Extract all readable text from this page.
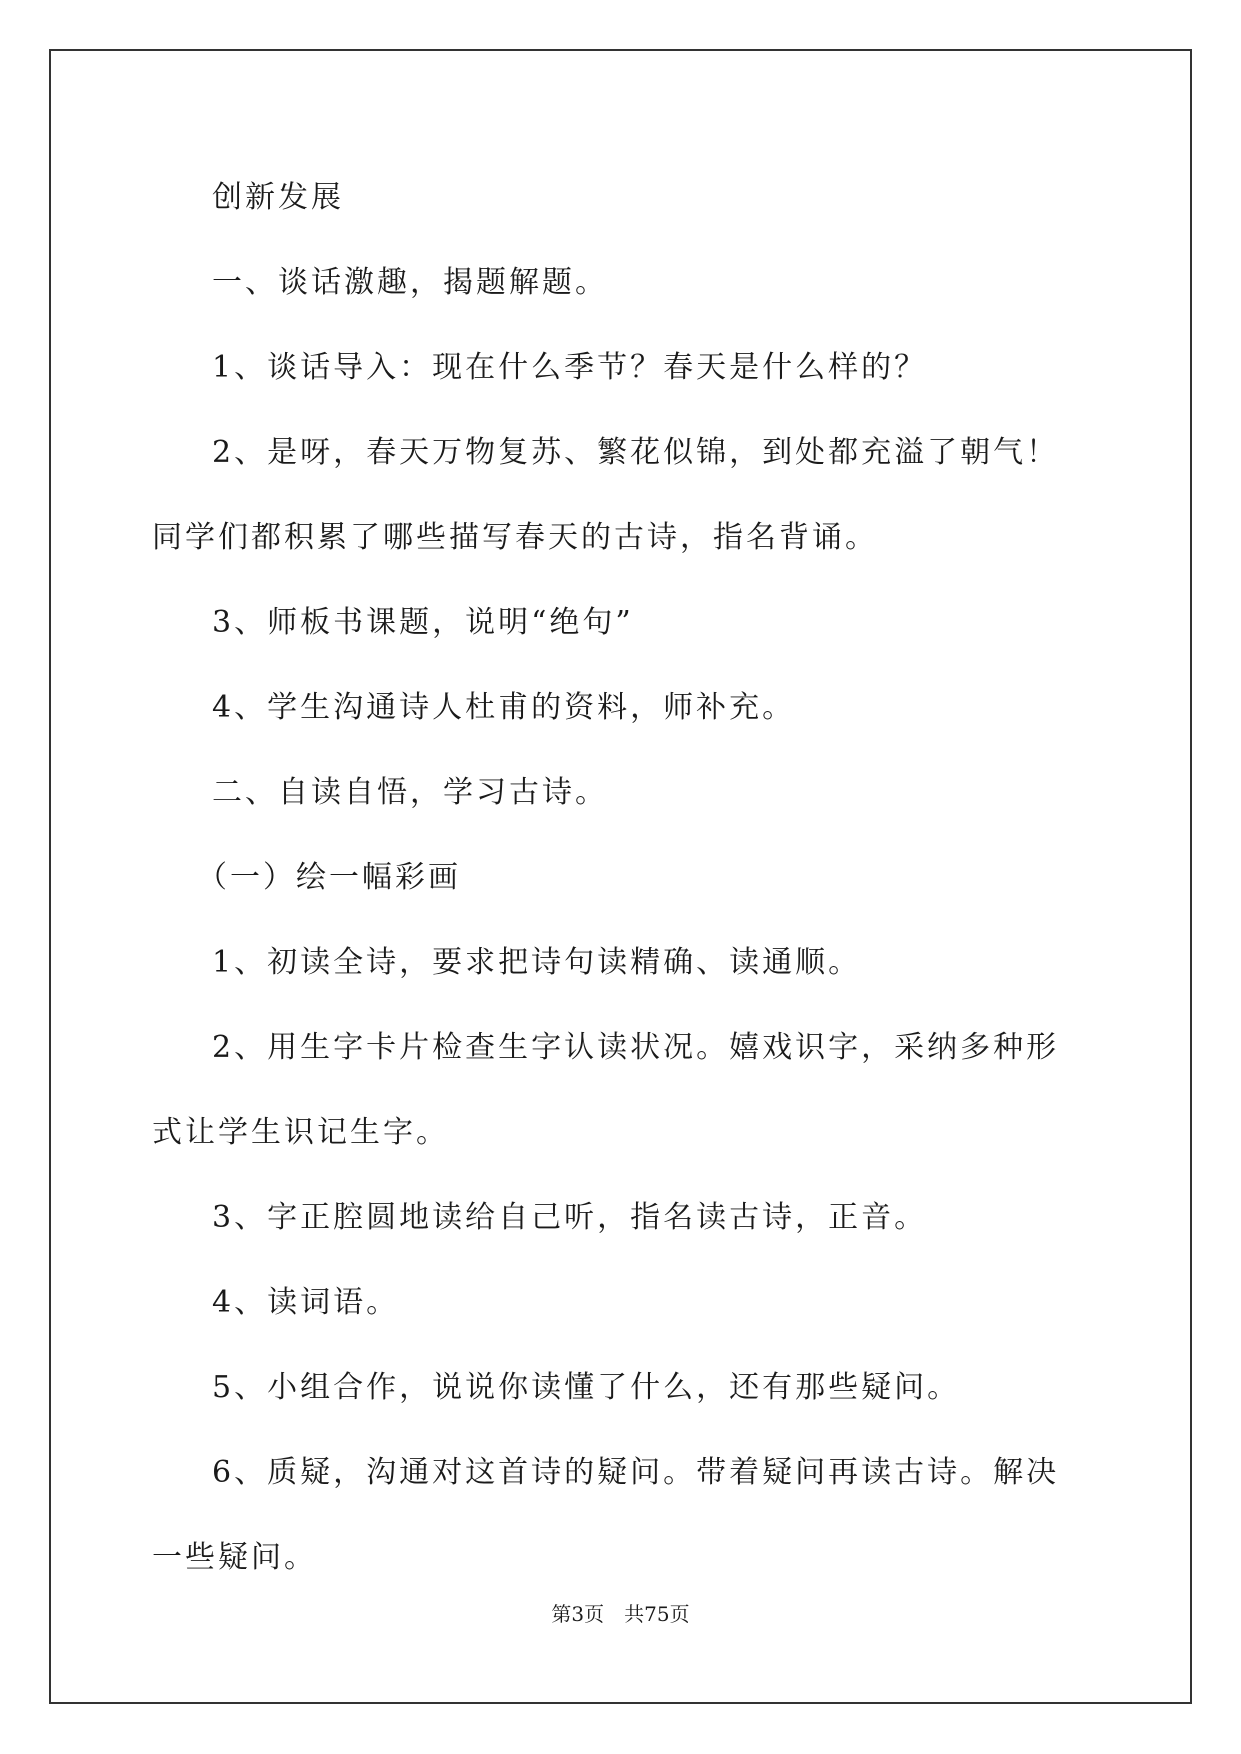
创新发展

一、谈话激趣，揭题解题。

1、谈话导入：现在什么季节？春天是什么样的？

2、是呀，春天万物复苏、繁花似锦，到处都充溢了朝气！同学们都积累了哪些描写春天的古诗，指名背诵。

3、师板书课题，说明“绝句”

4、学生沟通诗人杜甫的资料，师补充。

二、自读自悟，学习古诗。

（一）绘一幅彩画

1、初读全诗，要求把诗句读精确、读通顺。

2、用生字卡片检查生字认读状况。嬉戏识字，采纳多种形式让学生识记生字。

3、字正腔圆地读给自己听，指名读古诗，正音。

4、读词语。

5、小组合作，说说你读懂了什么，还有那些疑问。

6、质疑，沟通对这首诗的疑问。带着疑问再读古诗。解决一些疑问。

第3页 共75页
